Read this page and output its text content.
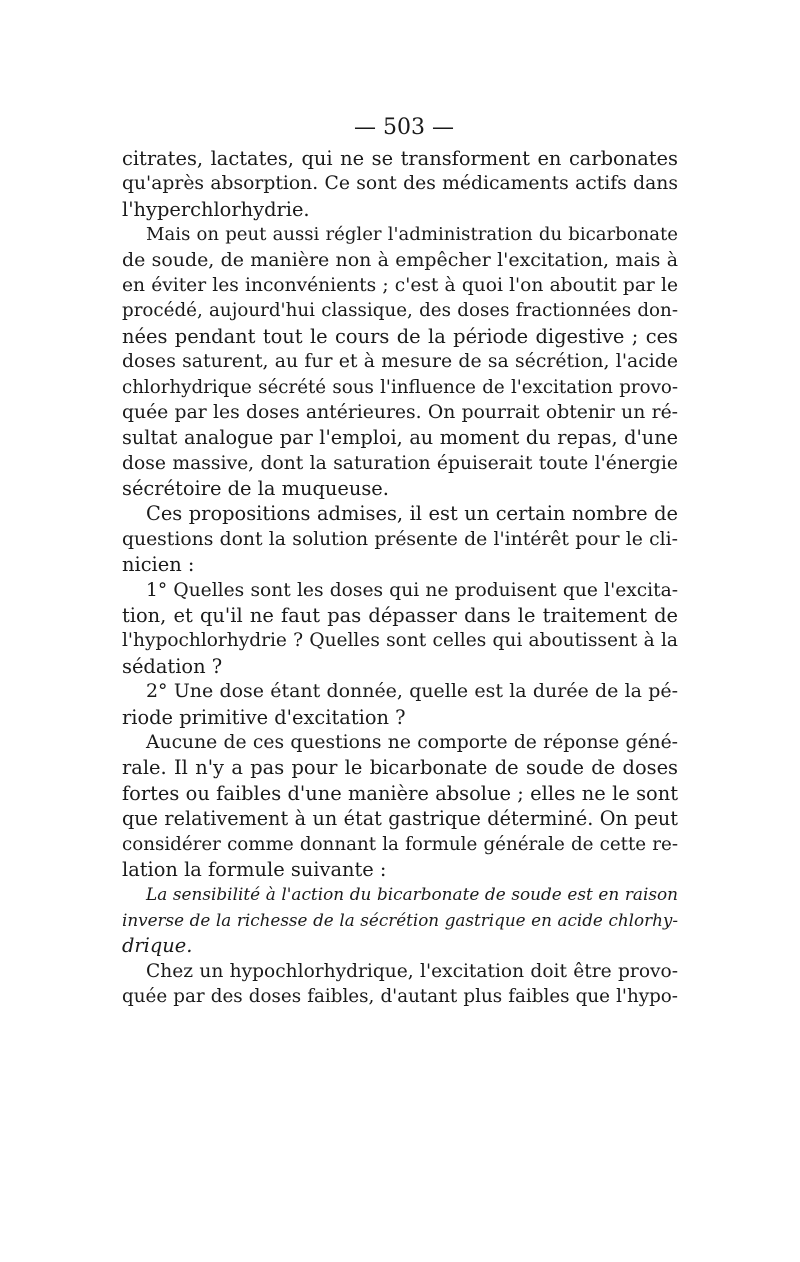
— 503 —
citrates, lactates, qui ne se transforment en carbonates
qu'après absorption. Ce sont des médicaments actifs dans
l'hyperchlorhydrie.
Mais on peut aussi régler l'administration du bicarbonate
de soude, de manière non à empêcher l'excitation, mais à
en éviter les inconvénients ; c'est à quoi l'on aboutit par le
procédé, aujourd'hui classique, des doses fractionnées don-
nées pendant tout le cours de la période digestive ; ces
doses saturent, au fur et à mesure de sa sécrétion, l'acide
chlorhydrique sécrété sous l'influence de l'excitation provo-
quée par les doses antérieures. On pourrait obtenir un ré-
sultat analogue par l'emploi, au moment du repas, d'une
dose massive, dont la saturation épuiserait toute l'énergie
sécrétoire de la muqueuse.
Ces propositions admises, il est un certain nombre de
questions dont la solution présente de l'intérêt pour le cli-
nicien :
1° Quelles sont les doses qui ne produisent que l'excita-
tion, et qu'il ne faut pas dépasser dans le traitement de
l'hypochlorhydrie ? Quelles sont celles qui aboutissent à la
sédation ?
2° Une dose étant donnée, quelle est la durée de la pé-
riode primitive d'excitation ?
Aucune de ces questions ne comporte de réponse géné-
rale. Il n'y a pas pour le bicarbonate de soude de doses
fortes ou faibles d'une manière absolue ; elles ne le sont
que relativement à un état gastrique déterminé. On peut
considérer comme donnant la formule générale de cette re-
lation la formule suivante :
La sensibilité à l'action du bicarbonate de soude est en raison
inverse de la richesse de la sécrétion gastrique en acide chlorhy-
drique.
Chez un hypochlorhydrique, l'excitation doit être provo-
quée par des doses faibles, d'autant plus faibles que l'hypo-
